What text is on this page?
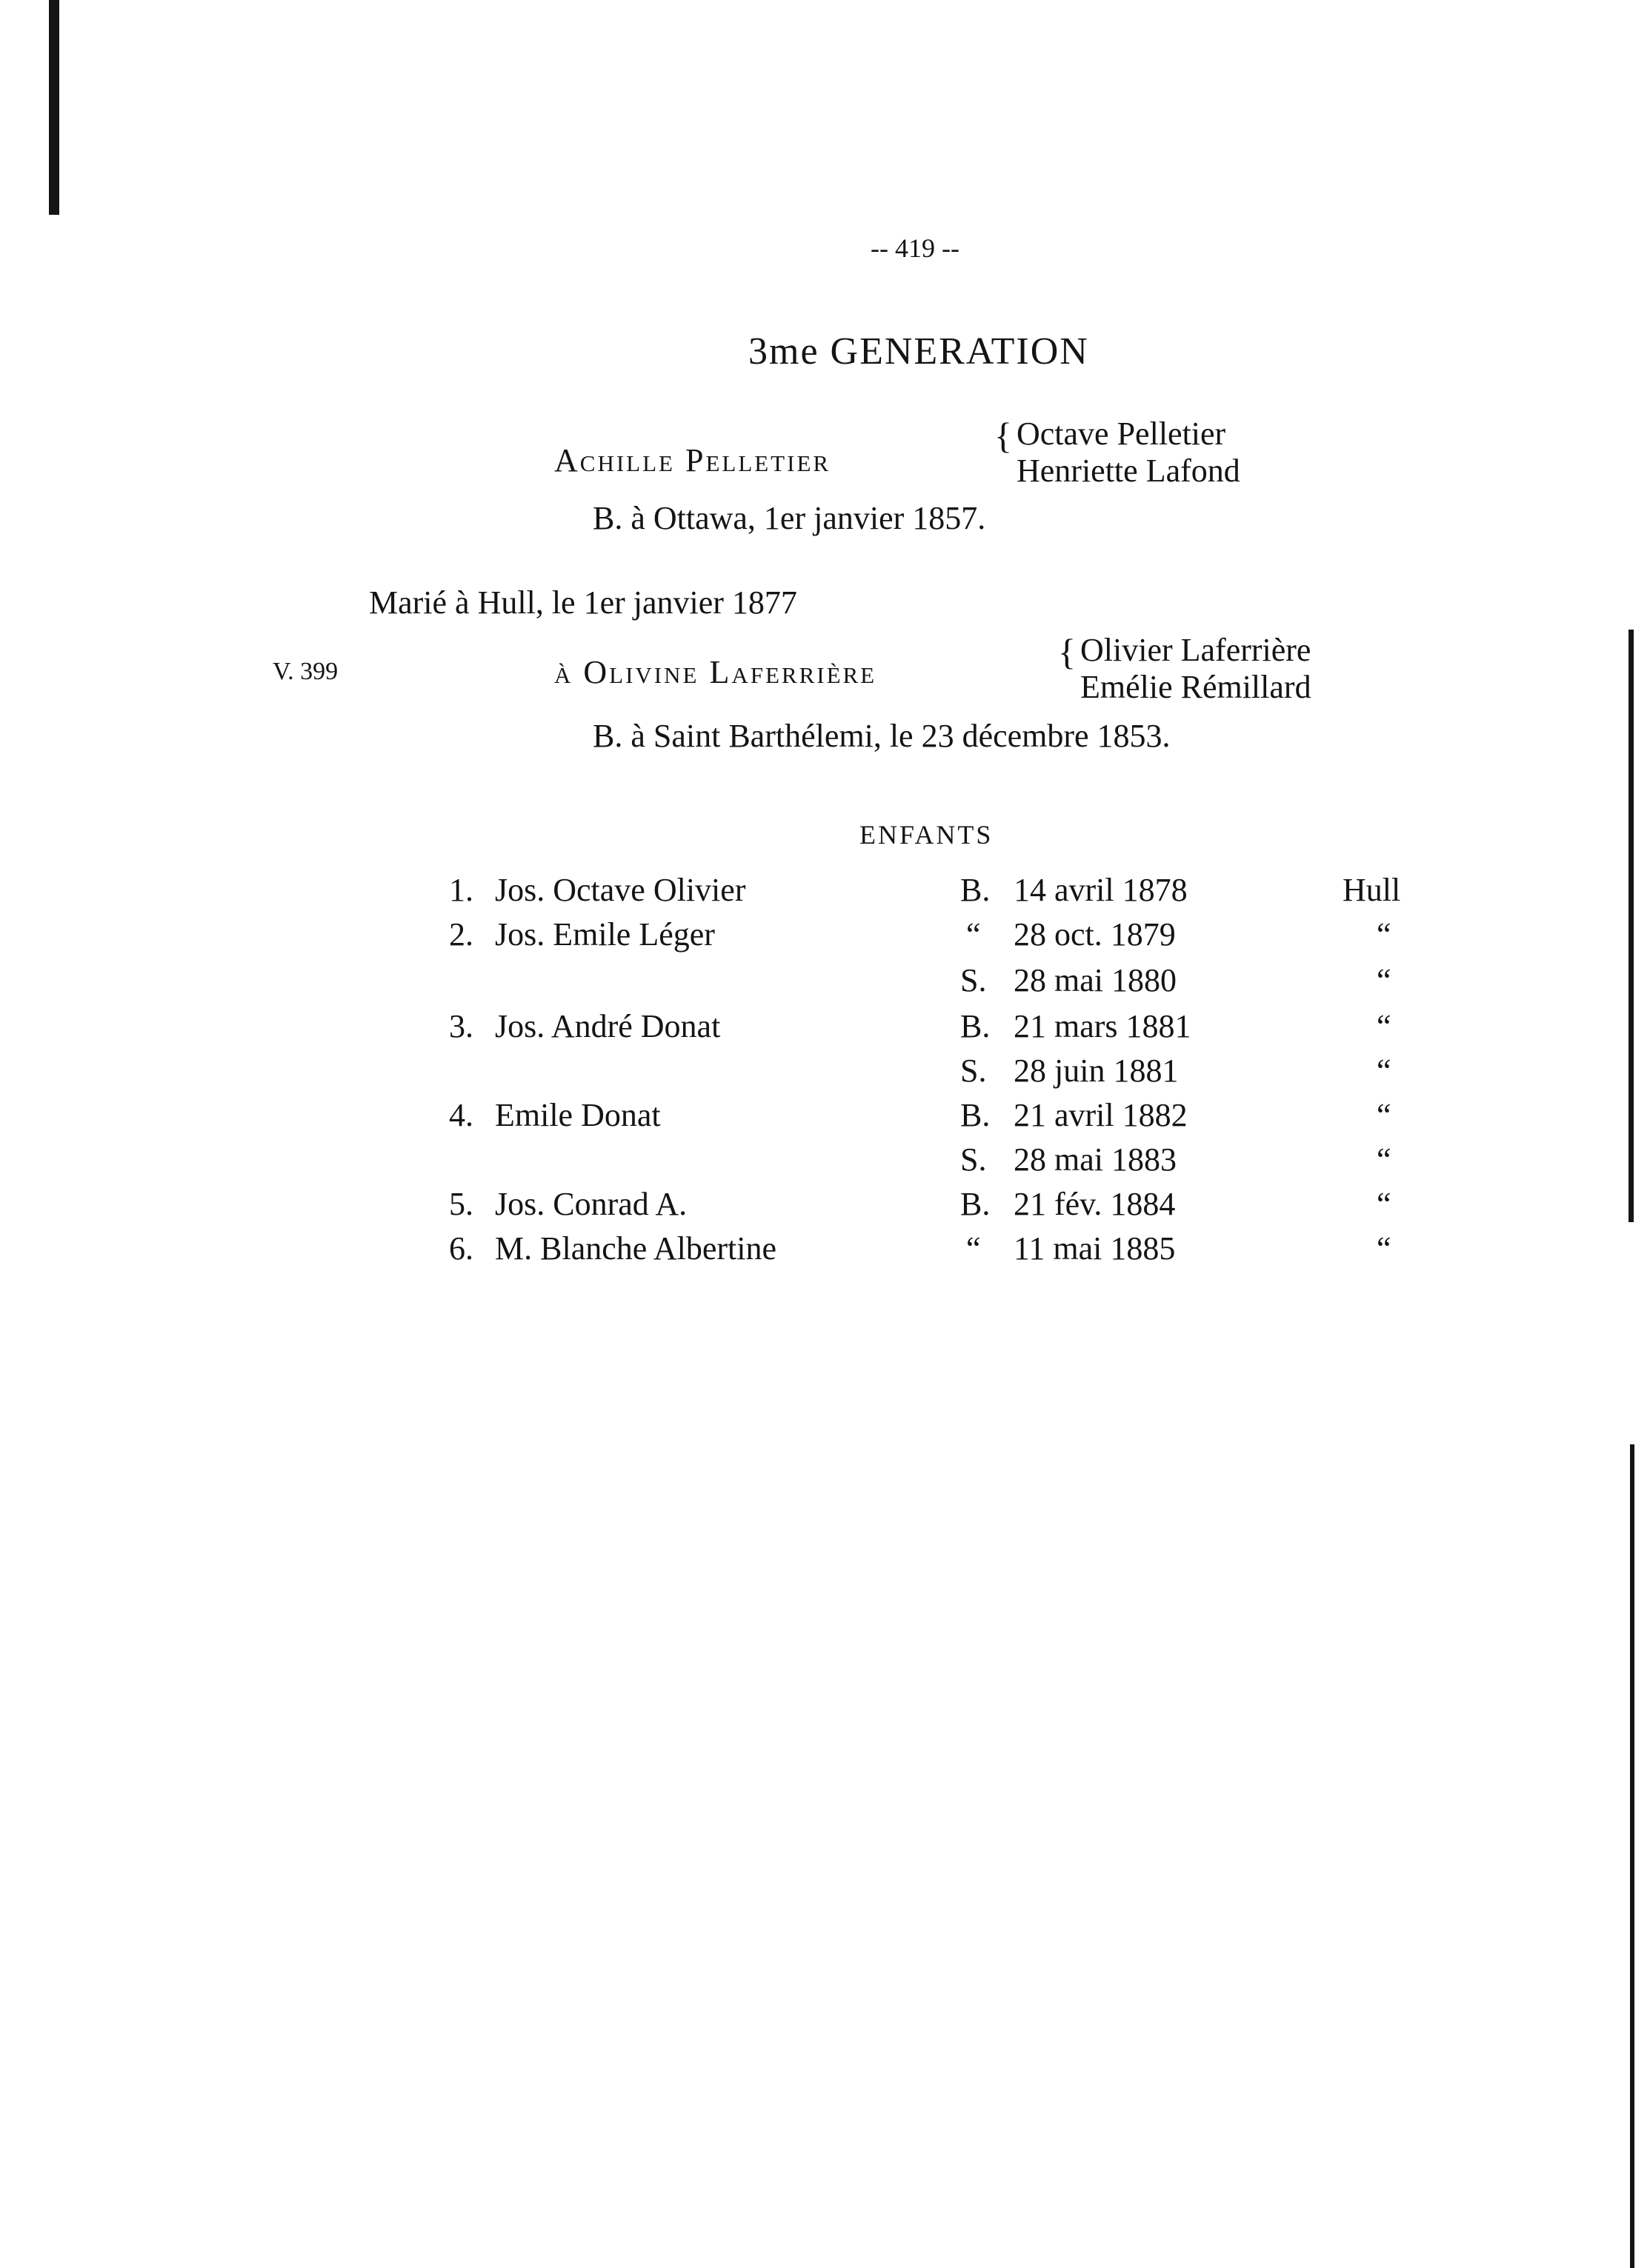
-- 419 --
3me GENERATION
Achille Pelletier
{ Octave Pelletier
Henriette Lafond
B. à Ottawa, 1er janvier 1857.
Marié à Hull, le 1er janvier 1877
V. 399	à Olivine Laferrière	{ Olivier Laferrière
Emélie Rémillard
B. à Saint Barthélemi, le 23 décembre 1853.
ENFANTS
1. Jos. Octave Olivier	B. 14 avril 1878	Hull
2. Jos. Emile Léger	“ 28 oct. 1879	“
S. 28 mai 1880	“
3. Jos. André Donat	B. 21 mars 1881	“
S. 28 juin 1881	“
4. Emile Donat	B. 21 avril 1882	“
S. 28 mai 1883	“
5. Jos. Conrad A.	B. 21 fév. 1884	“
6. M. Blanche Albertine	“ 11 mai 1885	“
